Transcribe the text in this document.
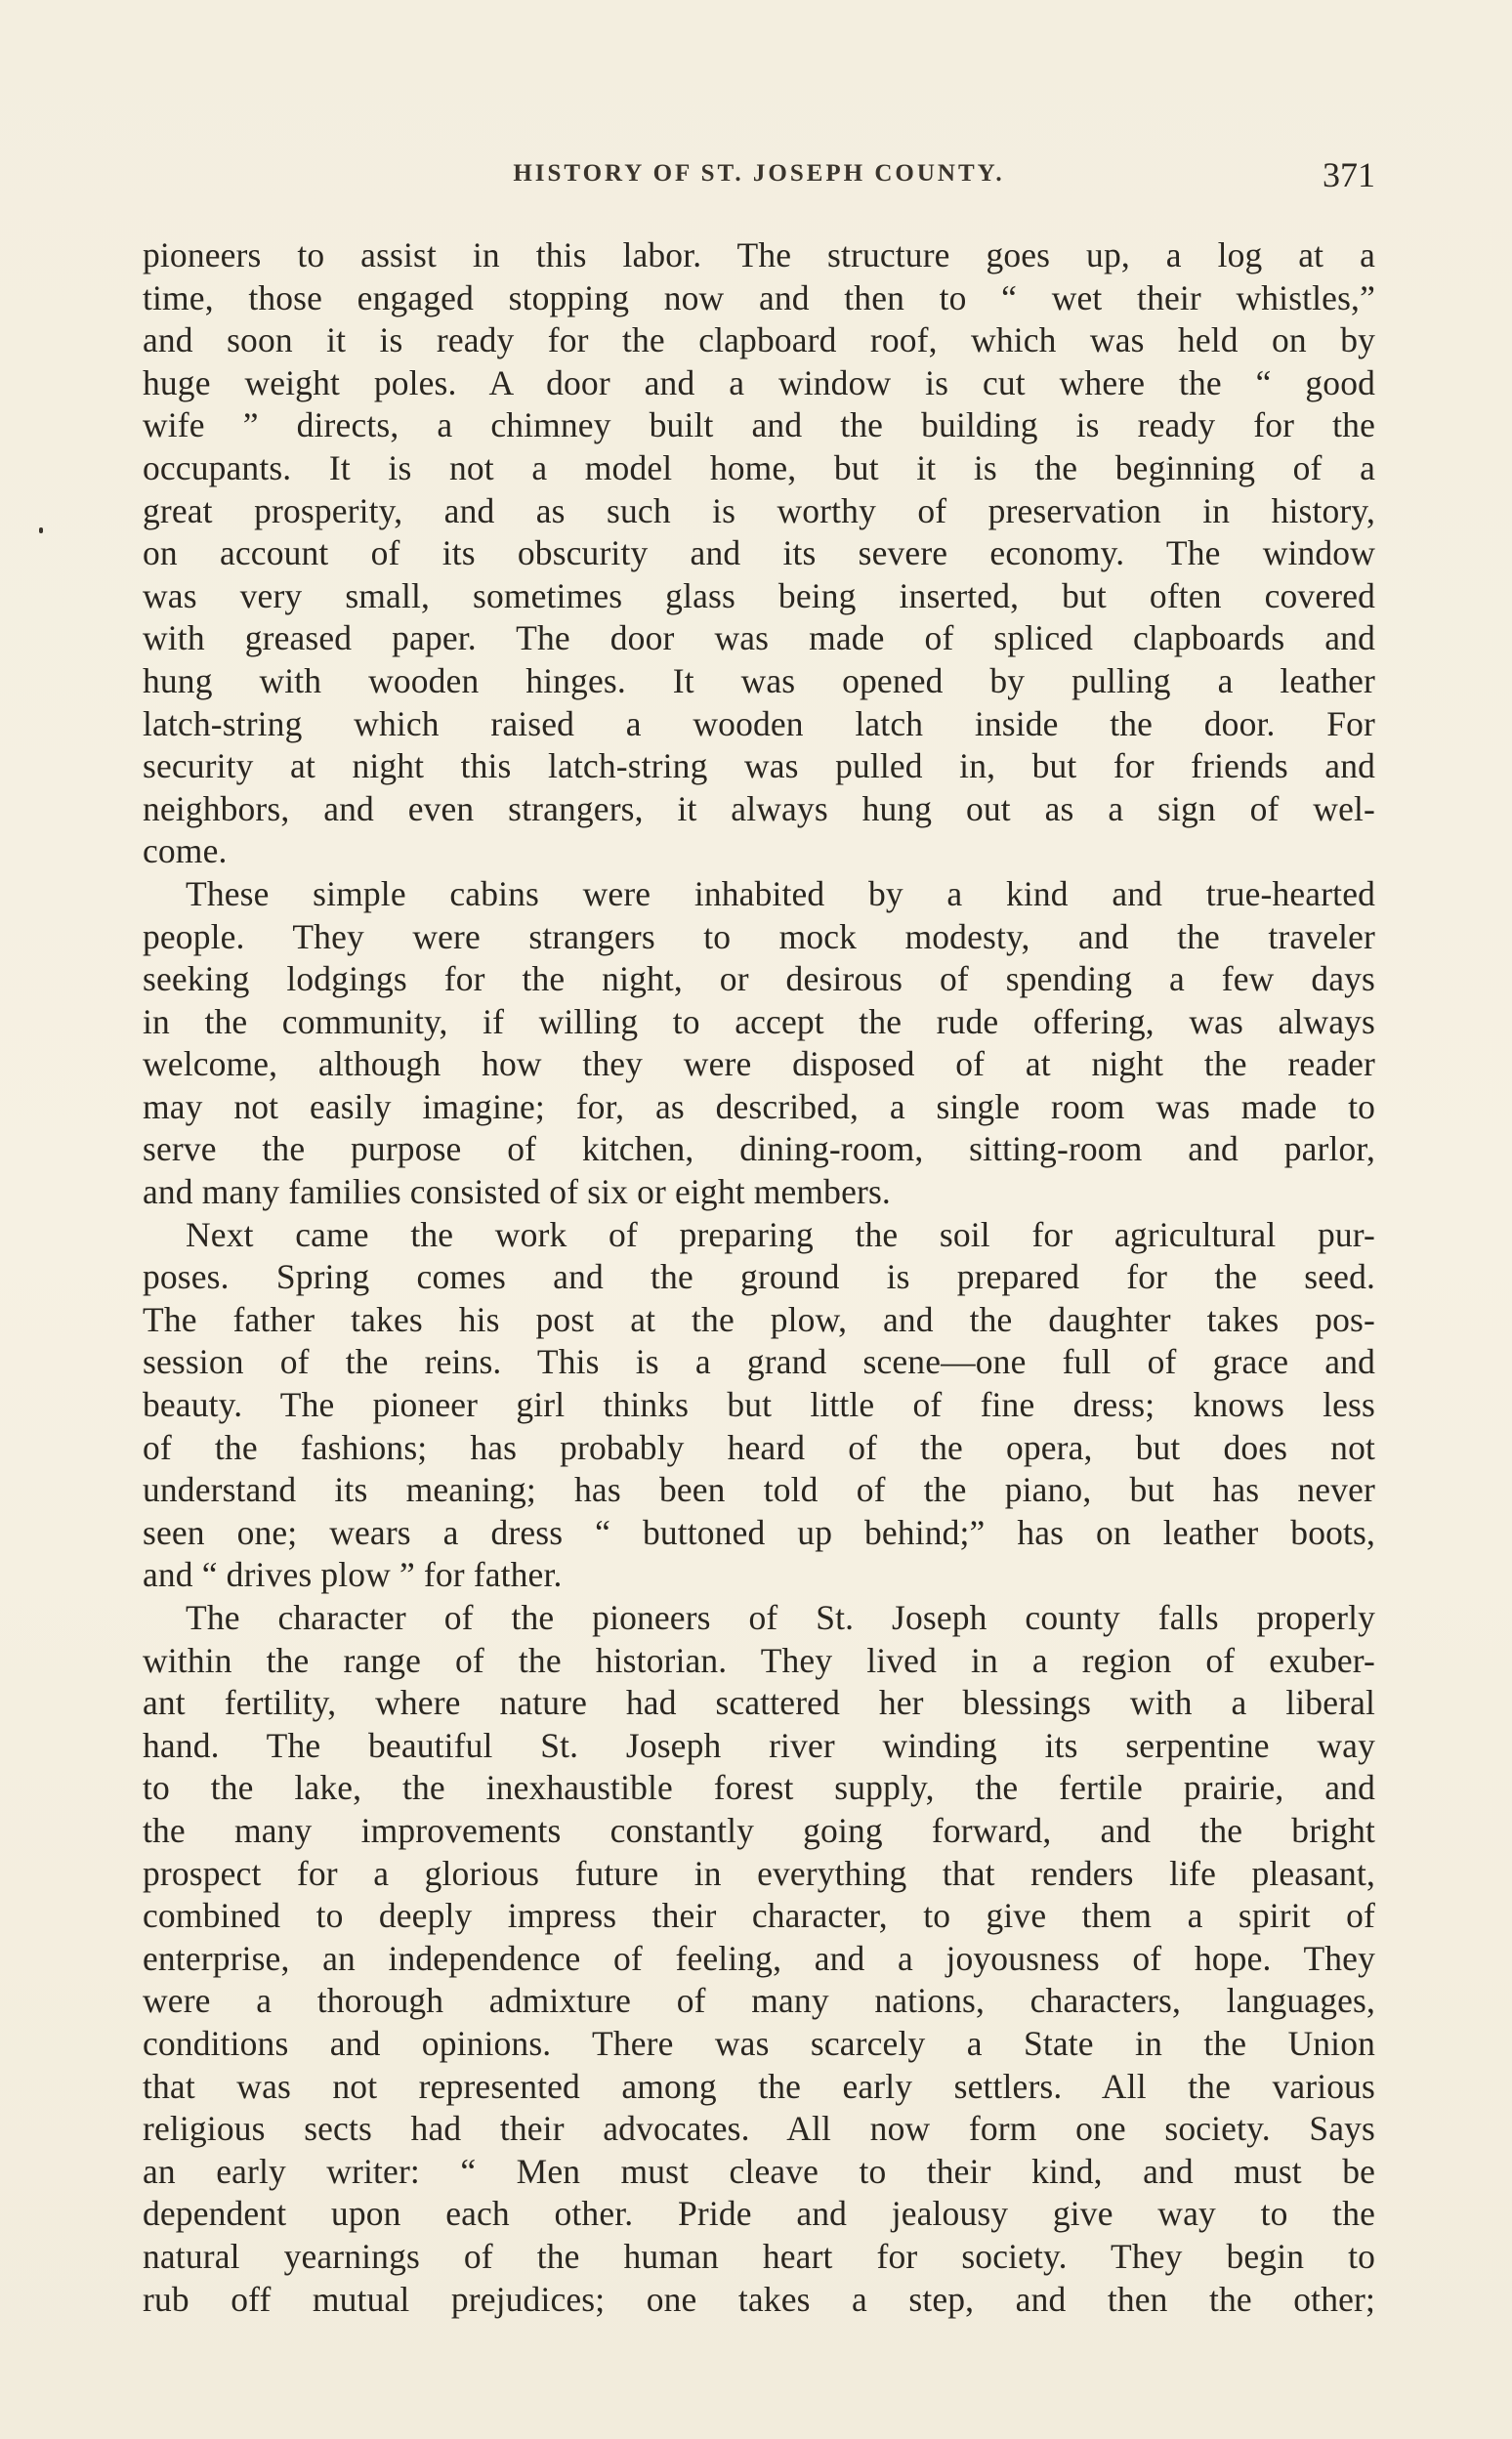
HISTORY OF ST. JOSEPH COUNTY.	371
pioneers to assist in this labor. The structure goes up, a log at a
time, those engaged stopping now and then to “ wet their whistles,”
and soon it is ready for the clapboard roof, which was held on by
huge weight poles. A door and a window is cut where the “ good
wife ” directs, a chimney built and the building is ready for the
occupants. It is not a model home, but it is the beginning of a
great prosperity, and as such is worthy of preservation in history,
on account of its obscurity and its severe economy. The window
was very small, sometimes glass being inserted, but often covered
with greased paper. The door was made of spliced clapboards and
hung with wooden hinges. It was opened by pulling a leather
latch-string which raised a wooden latch inside the door. For
security at night this latch-string was pulled in, but for friends and
neighbors, and even strangers, it always hung out as a sign of wel-
come.
These simple cabins were inhabited by a kind and true-hearted
people. They were strangers to mock modesty, and the traveler
seeking lodgings for the night, or desirous of spending a few days
in the community, if willing to accept the rude offering, was always
welcome, although how they were disposed of at night the reader
may not easily imagine; for, as described, a single room was made to
serve the purpose of kitchen, dining-room, sitting-room and parlor,
and many families consisted of six or eight members.
Next came the work of preparing the soil for agricultural pur-
poses. Spring comes and the ground is prepared for the seed.
The father takes his post at the plow, and the daughter takes pos-
session of the reins. This is a grand scene—one full of grace and
beauty. The pioneer girl thinks but little of fine dress; knows less
of the fashions; has probably heard of the opera, but does not
understand its meaning; has been told of the piano, but has never
seen one; wears a dress “ buttoned up behind;” has on leather boots,
and “ drives plow ” for father.
The character of the pioneers of St. Joseph county falls properly
within the range of the historian. They lived in a region of exuber-
ant fertility, where nature had scattered her blessings with a liberal
hand. The beautiful St. Joseph river winding its serpentine way
to the lake, the inexhaustible forest supply, the fertile prairie, and
the many improvements constantly going forward, and the bright
prospect for a glorious future in everything that renders life pleasant,
combined to deeply impress their character, to give them a spirit of
enterprise, an independence of feeling, and a joyousness of hope. They
were a thorough admixture of many nations, characters, languages,
conditions and opinions. There was scarcely a State in the Union
that was not represented among the early settlers. All the various
religious sects had their advocates. All now form one society. Says
an early writer: “ Men must cleave to their kind, and must be
dependent upon each other. Pride and jealousy give way to the
natural yearnings of the human heart for society. They begin to
rub off mutual prejudices; one takes a step, and then the other;
